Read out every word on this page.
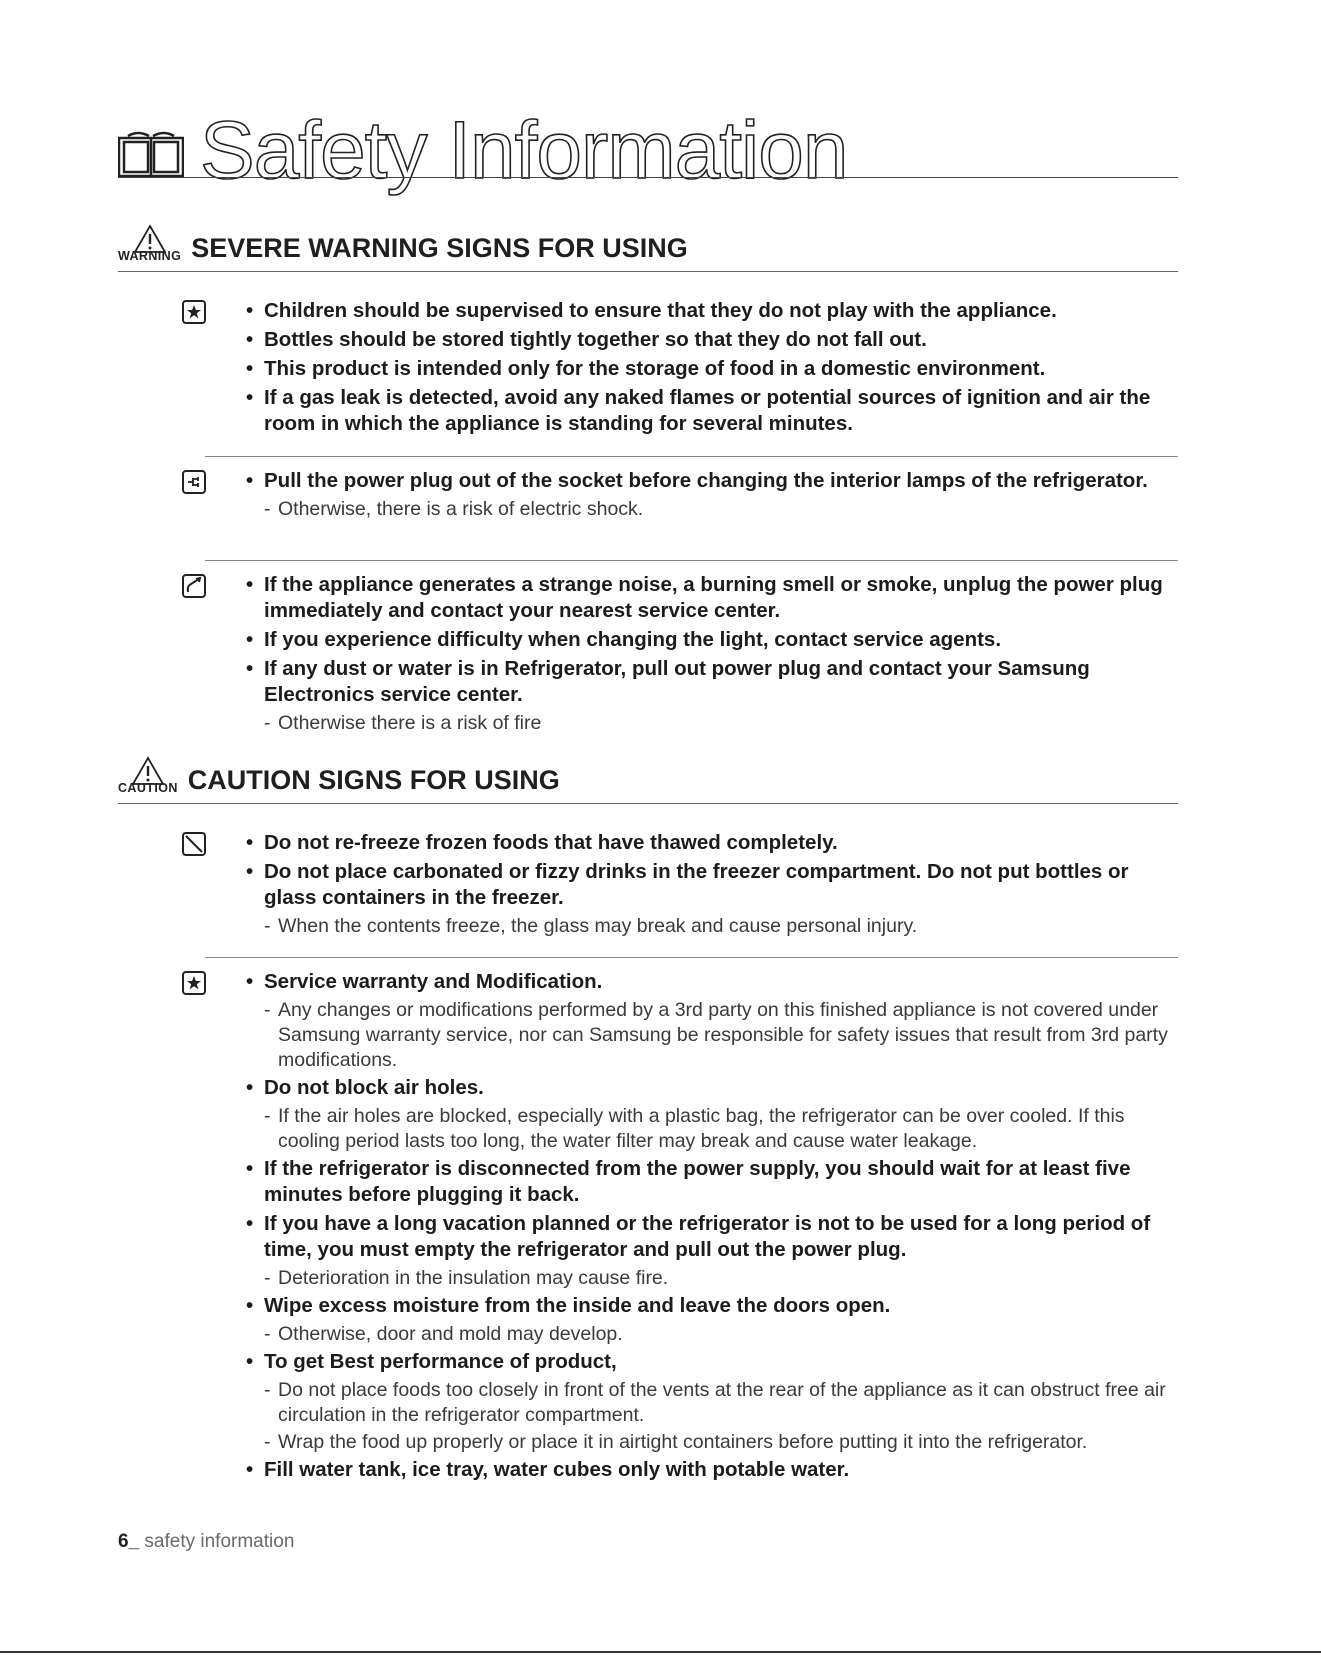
Safety Information
WARNING SEVERE WARNING SIGNS FOR USING
• Children should be supervised to ensure that they do not play with the appliance.
• Bottles should be stored tightly together so that they do not fall out.
• This product is intended only for the storage of food in a domestic environment.
• If a gas leak is detected, avoid any naked flames or potential sources of ignition and air the room in which the appliance is standing for several minutes.
• Pull the power plug out of the socket before changing the interior lamps of the refrigerator.
- Otherwise, there is a risk of electric shock.
• If the appliance generates a strange noise, a burning smell or smoke, unplug the power plug immediately and contact your nearest service center.
• If you experience difficulty when changing the light, contact service agents.
• If any dust or water is in Refrigerator, pull out power plug and contact your Samsung Electronics service center.
- Otherwise there is a risk of fire
CAUTION CAUTION SIGNS FOR USING
• Do not re-freeze frozen foods that have thawed completely.
• Do not place carbonated or fizzy drinks in the freezer compartment. Do not put bottles or glass containers in the freezer.
- When the contents freeze, the glass may break and cause personal injury.
• Service warranty and Modification.
- Any changes or modifications performed by a 3rd party on this finished appliance is not covered under Samsung warranty service, nor can Samsung be responsible for safety issues that result from 3rd party modifications.
• Do not block air holes.
- If the air holes are blocked, especially with a plastic bag, the refrigerator can be over cooled. If this cooling period lasts too long, the water filter may break and cause water leakage.
• If the refrigerator is disconnected from the power supply, you should wait for at least five minutes before plugging it back.
• If you have a long vacation planned or the refrigerator is not to be used for a long period of time, you must empty the refrigerator and pull out the power plug.
- Deterioration in the insulation may cause fire.
• Wipe excess moisture from the inside and leave the doors open.
- Otherwise, door and mold may develop.
• To get Best performance of product,
- Do not place foods too closely in front of the vents at the rear of the appliance as it can obstruct free air circulation in the refrigerator compartment.
- Wrap the food up properly or place it in airtight containers before putting it into the refrigerator.
• Fill water tank, ice tray, water cubes only with potable water.
6_ safety information
